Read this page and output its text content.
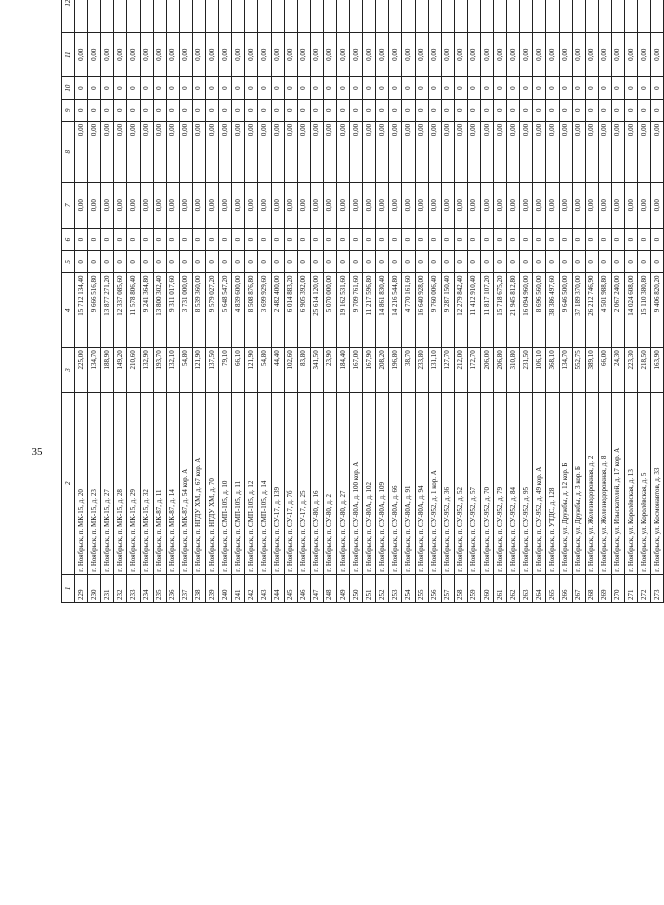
35
1	2	3	4	5	6	7	8	9	10	11	12				
229	г. Ноябрьск, п. МК-15, д. 20	225,00	15 712 134,40	0	0	0,00	0,00	0	0	0,00					
230	г. Ноябрьск, п. МК-15, д. 23	134,70	9 666 516,80	0	0	0,00	0,00	0	0	0,00					
231	г. Ноябрьск, п. МК-15, д. 27	188,90	13 877 271,20	0	0	0,00	0,00	0	0	0,00					
232	г. Ноябрьск, п. МК-15, д. 28	149,20	12 337 085,60	0	0	0,00	0,00	0	0	0,00					
233	г. Ноябрьск, п. МК-15, д. 29	210,60	11 578 806,40	0	0	0,00	0,00	0	0	0,00					
234	г. Ноябрьск, п. МК-15, д. 32	132,90	9 241 364,80	0	0	0,00	0,00	0	0	0,00					
235	г. Ноябрьск, п. МК-87, д. 11	193,70	13 800 302,40	0	0	0,00	0,00	0	0	0,00					
236	г. Ноябрьск, п. МК-87, д. 14	132,10	9 311 017,60	0	0	0,00	0,00	0	0	0,00					
237	г. Ноябрьск, п. МК-87, д. 54 кор. А	54,80	3 731 000,00	0	0	0,00	0,00	0	0	0,00					
238	г. Ноябрьск, п. НГДУ ХМ, д. 67 кор. А	121,90	8 539 360,00	0	0	0,00	0,00	0	0	0,00					
239	г. Ноябрьск, п. НГДУ ХМ, д. 70	137,50	9 579 027,20	0	0	0,00	0,00	0	0	0,00					
240	г. Ноябрьск, п. СМП-105, д. 10	79,10	5 648 547,20	0	0	0,00	0,00	0	0	0,00					
241	г. Ноябрьск, п. СМП-105, д. 11	66,10	4 839 600,00	0	0	0,00	0,00	0	0	0,00					
242	г. Ноябрьск, п. СМП-105, д. 12	121,90	8 508 876,80	0	0	0,00	0,00	0	0	0,00					
243	г. Ноябрьск, п. СМП-105, д. 14	54,80	3 699 929,60	0	0	0,00	0,00	0	0	0,00					
244	г. Ноябрьск, п. СУ-17, д. 139	44,40	2 482 400,00	0	0	0,00	0,00	0	0	0,00					
245	г. Ноябрьск, п. СУ-17, д. 7б	102,60	6 014 883,20	0	0	0,00	0,00	0	0	0,00					
246	г. Ноябрьск, п. СУ-17, д. 25	83,80	6 905 392,00	0	0	0,00	0,00	0	0	0,00					
247	г. Ноябрьск, п. СУ-80, д. 16	341,50	25 614 120,00	0	0	0,00	0,00	0	0	0,00					
248	г. Ноябрьск, п. СУ-80, д. 2	23,90	5 070 000,00	0	0	0,00	0,00	0	0	0,00					
249	г. Ноябрьск, п. СУ-80, д. 27	184,40	19 162 531,60	0	0	0,00	0,00	0	0	0,00					
250	г. Ноябрьск, п. СУ-80А, д. 100 кор. А	167,00	9 709 761,60	0	0	0,00	0,00	0	0	0,00					
251	г. Ноябрьск, п. СУ-80А, д. 102	167,90	11 217 596,80	0	0	0,00	0,00	0	0	0,00					
252	г. Ноябрьск, п. СУ-80А, д. 109	208,20	14 861 830,40	0	0	0,00	0,00	0	0	0,00					
253	г. Ноябрьск, п. СУ-80А, д. 66	196,80	14 216 544,80	0	0	0,00	0,00	0	0	0,00					
254	г. Ноябрьск, п. СУ-80А, д. 91	38,70	4 770 161,60	0	0	0,00	0,00	0	0	0,00					
255	г. Ноябрьск, п. СУ-80А, д. 94	233,80	16 640 928,00	0	0	0,00	0,00	0	0	0,00					
256	г. Ноябрьск, п. СУ-952, д. 1 кор. А	131,10	9 760 006,40	0	0	0,00	0,00	0	0	0,00					
257	г. Ноябрьск, п. СУ-952, д. 36	127,70	9 287 150,40	0	0	0,00	0,00	0	0	0,00					
258	г. Ноябрьск, п. СУ-952, д. 52	212,00	12 279 842,40	0	0	0,00	0,00	0	0	0,00					
259	г. Ноябрьск, п. СУ-952, д. 57	172,70	11 412 910,40	0	0	0,00	0,00	0	0	0,00					
260	г. Ноябрьск, п. СУ-952, д. 70	206,00	11 817 107,20	0	0	0,00	0,00	0	0	0,00					
261	г. Ноябрьск, п. СУ-952, д. 79	206,80	15 718 675,20	0	0	0,00	0,00	0	0	0,00					
262	г. Ноябрьск, п. СУ-952, д. 84	310,80	21 945 812,80	0	0	0,00	0,00	0	0	0,00					
263	г. Ноябрьск, п. СУ-952, д. 95	231,50	16 094 960,00	0	0	0,00	0,00	0	0	0,00					
264	г. Ноябрьск, п. СУ-952, д. 49 кор. А	106,10	8 696 560,00	0	0	0,00	0,00	0	0	0,00					
265	г. Ноябрьск, п. УТДС, д. 128	368,10	38 386 497,60	0	0	0,00	0,00	0	0	0,00					
266	г. Ноябрьск, ул. Дружбы, д. 12 кор. Б	134,70	9 646 500,00	0	0	0,00	0,00	0	0	0,00					
267	г. Ноябрьск, ул. Дружбы, д. 3 кор. Б	552,75	37 189 370,00	0	0	0,00	0,00	0	0	0,00					
268	г. Ноябрьск, ул. Железнодорожная, д. 2	389,10	26 212 746,90	0	0	0,00	0,00	0	0	0,00					
269	г. Ноябрьск, ул. Железнодорожная, д. 8	66,00	4 501 988,80	0	0	0,00	0,00	0	0	0,00					
270	г. Ноябрьск, ул. Изыскателей, д. 17 кор. А	24,30	2 067 240,00	0	0	0,00	0,00	0	0	0,00					
271	г. Ноябрьск, ул. Королёвская, д. 13	223,30	14 024 608,00	0	0	0,00	0,00	0	0	0,00					
272	г. Ноябрьск, ул. Королёвская, д. 5	218,50	15 110 380,80	0	0	0,00	0,00	0	0	0,00					
273	г. Ноябрьск, ул. Космонавтов, д. 33	163,90	9 406 820,20	0	0	0,00	0,00	0	0	0,00					
